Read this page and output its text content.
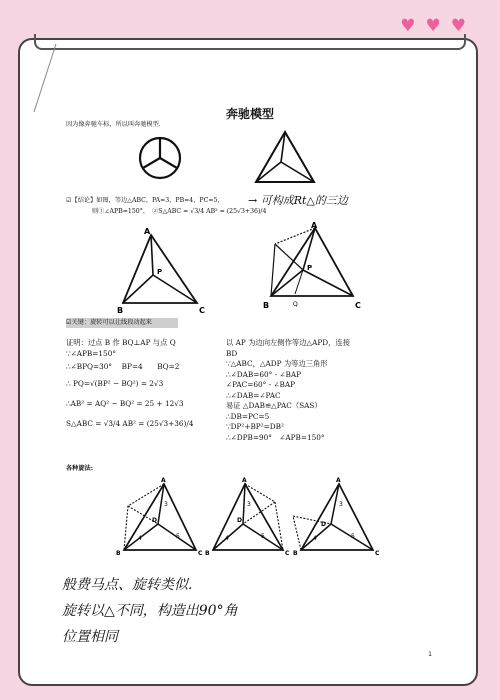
♥ ♥ ♥
奔驰模型
因为像奔驰车标，所以叫奔驰模型．
☑【结论】如图，等边△ABC，PA=3，PB=4，PC=5，
则①∠APB=150°，　②S△ABC = √3/4 AB² = (25√3+36)/4
→ 可构成Rt△的三边
A
B	C
P
A
B	C
P
Q
☑关键：旋转可以让线段动起来
证明：过点 B 作 BQ⊥AP 与点 Q
∵∠APB=150°
∴∠BPQ=30°　 BP=4　　BQ=2
∴ PQ=√(BP² − BQ²) = 2√3
∴AB² = AQ² − BQ² = 25 + 12√3
S△ABC = √3/4 AB² = (25√3+36)/4
以 AP 为边向左侧作等边△APD，连接
BD
∵△ABC，△ADP 为等边三角形
∴∠DAB=60° - ∠BAP
∠PAC=60° - ∠BAP
∴∠DAB=∠PAC
易证 △DAB≌△PAC（SAS）
∴DB=PC=5
∵DP²+BP²=DB²
∴∠DPB=90°　∠APB=150°
各种旋法:
A
B	C
D
3
4	5
A
B	C
D
3
4	5
A
B	C
D
3
4	5
般费马点、旋转类似.
旋转以△不同，构造出90°角
位置相同
1
